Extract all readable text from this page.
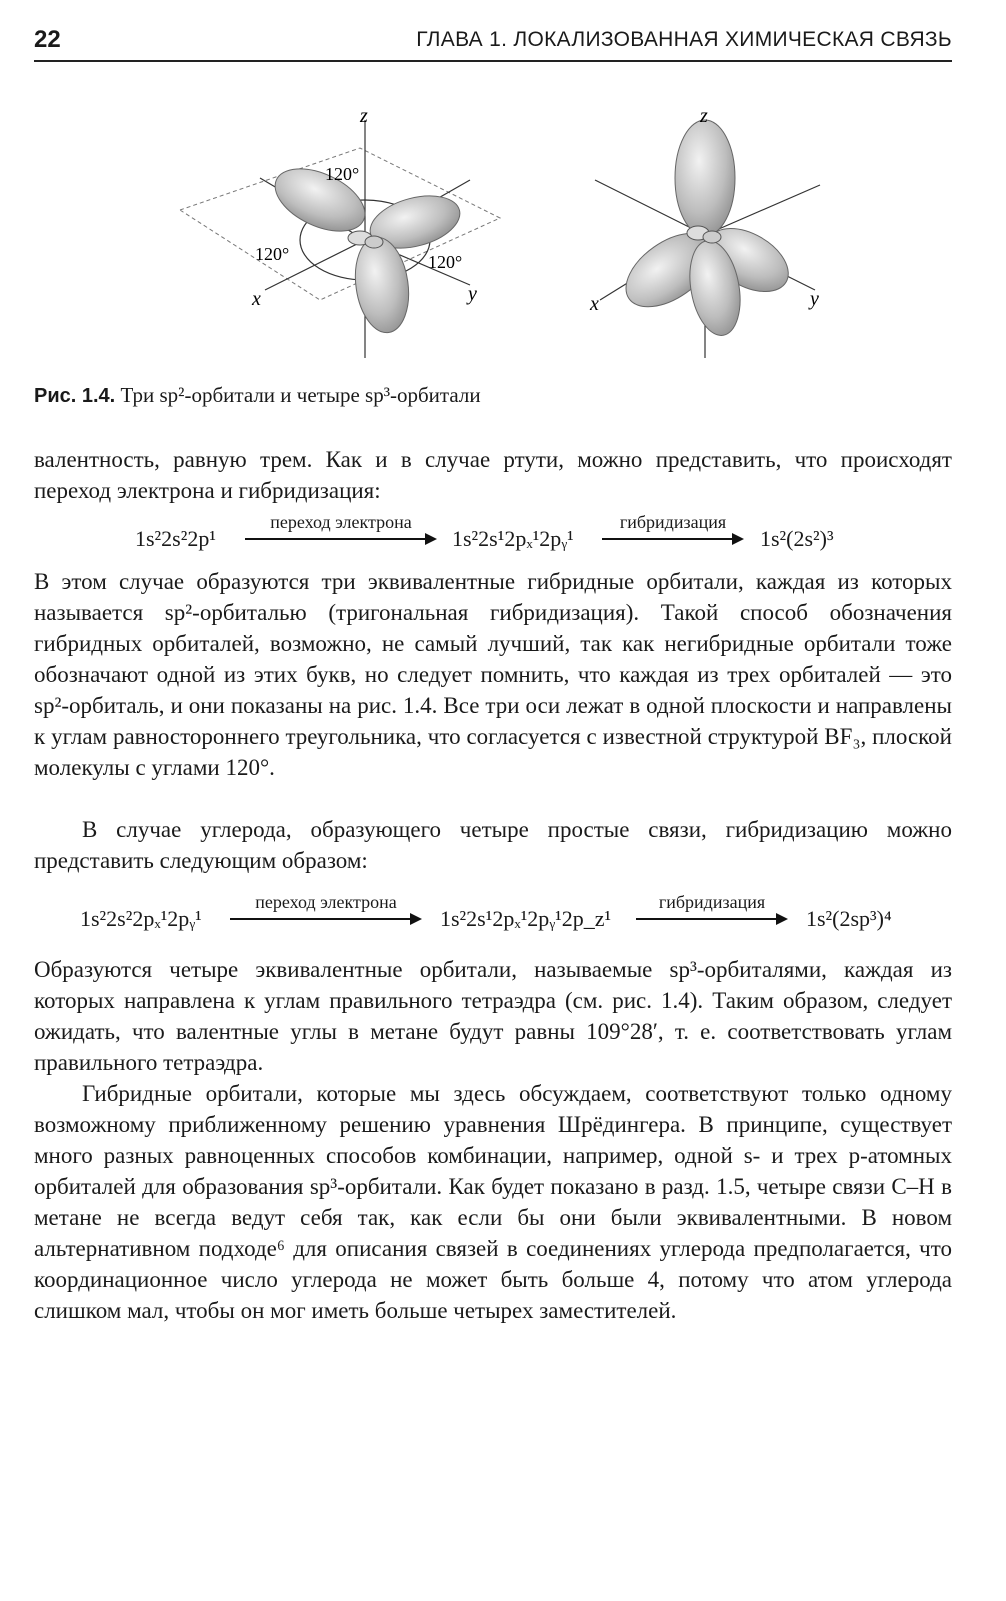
22	ГЛАВА 1. ЛОКАЛИЗОВАННАЯ ХИМИЧЕСКАЯ СВЯЗЬ
z
x	y
120°
120°	120°
z
x	y
Рис. 1.4. Три sp²-орбитали и четыре sp³-орбитали

валентность, равную трем. Как и в случае ртути, можно представить, что происходят переход электрона и гибридизация:

1s²2s²2p¹
переход электрона
1s²2s¹2pₓ¹2pᵧ¹
гибридизация
1s²(2s²)³

В этом случае образуются три эквивалентные гибридные орбитали, каждая из которых называется sp²-орбиталью (тригональная гибридизация). Такой способ обозначения гибридных орбиталей, возможно, не самый лучший, так как негибридные орбитали тоже обозначают одной из этих букв, но следует помнить, что каждая из трех орбиталей — это sp²-орбиталь, и они показаны на рис. 1.4. Все три оси лежат в одной плоскости и направлены к углам равностороннего треугольника, что согласуется с известной структурой BF₃, плоской молекулы с углами 120°.

В случае углерода, образующего четыре простые связи, гибридизацию можно представить следующим образом:

1s²2s²2pₓ¹2pᵧ¹
переход электрона
1s²2s¹2pₓ¹2pᵧ¹2p_z¹
гибридизация
1s²(2sp³)⁴

Образуются четыре эквивалентные орбитали, называемые sp³-орбиталями, каждая из которых направлена к углам правильного тетраэдра (см. рис. 1.4). Таким образом, следует ожидать, что валентные углы в метане будут равны 109°28′, т. е. соответствовать углам правильного тетраэдра.

Гибридные орбитали, которые мы здесь обсуждаем, соответствуют только одному возможному приближенному решению уравнения Шрёдингера. В принципе, существует много разных равноценных способов комбинации, например, одной s- и трех p-атомных орбиталей для образования sp³-орбитали. Как будет показано в разд. 1.5, четыре связи C–H в метане не всегда ведут себя так, как если бы они были эквивалентными. В новом альтернативном подходе⁶ для описания связей в соединениях углерода предполагается, что координационное число углерода не может быть больше 4, потому что атом углерода слишком мал, чтобы он мог иметь больше четырех заместителей.
